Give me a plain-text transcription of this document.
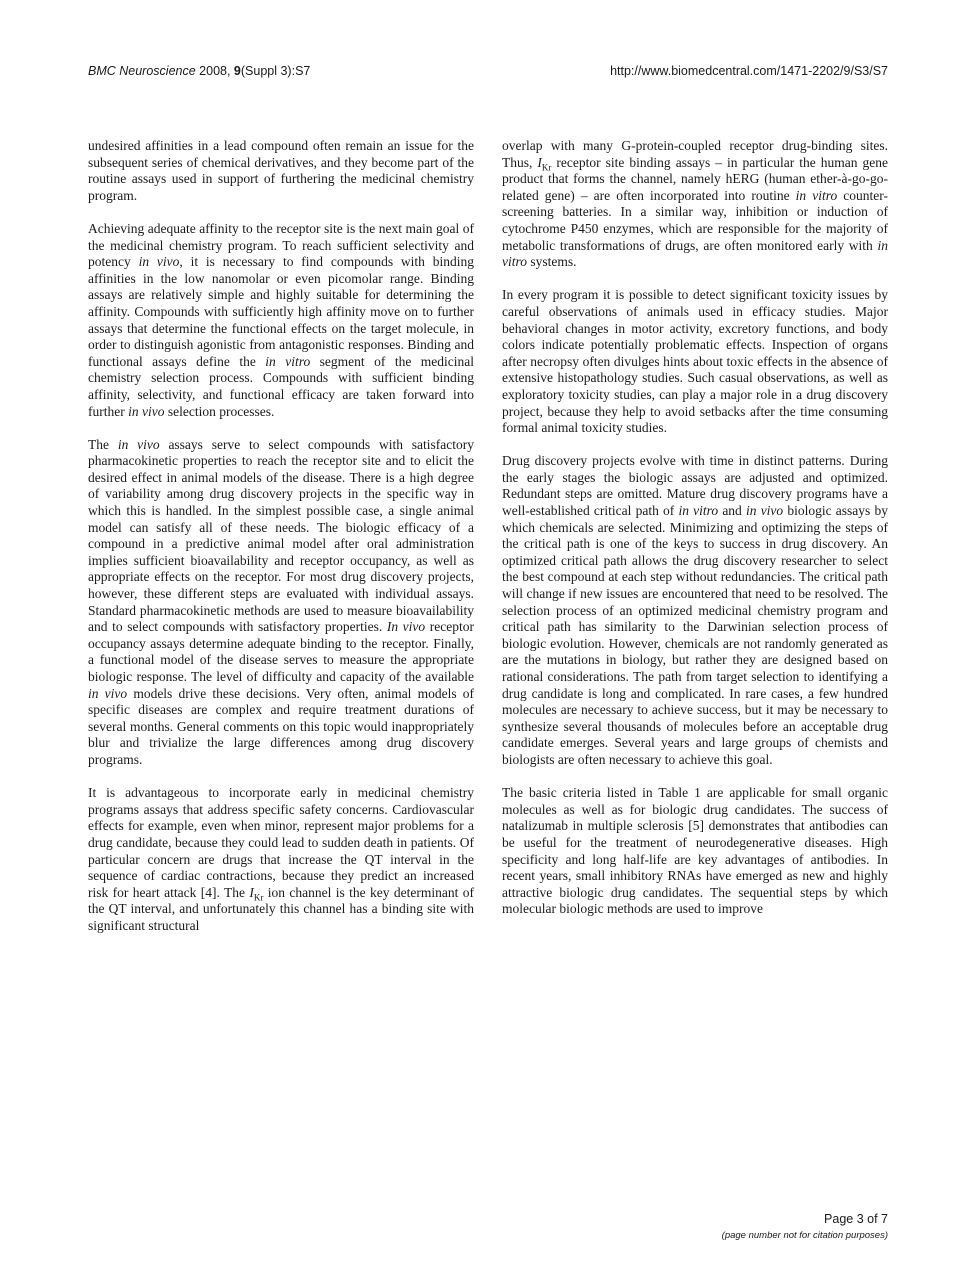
BMC Neuroscience 2008, 9(Suppl 3):S7	http://www.biomedcentral.com/1471-2202/9/S3/S7

undesired affinities in a lead compound often remain an issue for the subsequent series of chemical derivatives, and they become part of the routine assays used in support of furthering the medicinal chemistry program.

Achieving adequate affinity to the receptor site is the next main goal of the medicinal chemistry program. To reach sufficient selectivity and potency in vivo, it is necessary to find compounds with binding affinities in the low nanomolar or even picomolar range. Binding assays are relatively simple and highly suitable for determining the affinity. Compounds with sufficiently high affinity move on to further assays that determine the functional effects on the target molecule, in order to distinguish agonistic from antagonistic responses. Binding and functional assays define the in vitro segment of the medicinal chemistry selection process. Compounds with sufficient binding affinity, selectivity, and functional efficacy are taken forward into further in vivo selection processes.

The in vivo assays serve to select compounds with satisfactory pharmacokinetic properties to reach the receptor site and to elicit the desired effect in animal models of the disease. There is a high degree of variability among drug discovery projects in the specific way in which this is handled. In the simplest possible case, a single animal model can satisfy all of these needs. The biologic efficacy of a compound in a predictive animal model after oral administration implies sufficient bioavailability and receptor occupancy, as well as appropriate effects on the receptor. For most drug discovery projects, however, these different steps are evaluated with individual assays. Standard pharmacokinetic methods are used to measure bioavailability and to select compounds with satisfactory properties. In vivo receptor occupancy assays determine adequate binding to the receptor. Finally, a functional model of the disease serves to measure the appropriate biologic response. The level of difficulty and capacity of the available in vivo models drive these decisions. Very often, animal models of specific diseases are complex and require treatment durations of several months. General comments on this topic would inappropriately blur and trivialize the large differences among drug discovery programs.

It is advantageous to incorporate early in medicinal chemistry programs assays that address specific safety concerns. Cardiovascular effects for example, even when minor, represent major problems for a drug candidate, because they could lead to sudden death in patients. Of particular concern are drugs that increase the QT interval in the sequence of cardiac contractions, because they predict an increased risk for heart attack [4]. The $I_{Kr}$ ion channel is the key determinant of the QT interval, and unfortunately this channel has a binding site with significant structural

overlap with many G-protein-coupled receptor drug-binding sites. Thus, $I_{Kr}$ receptor site binding assays – in particular the human gene product that forms the channel, namely hERG (human ether-à-go-go-related gene) – are often incorporated into routine in vitro counter-screening batteries. In a similar way, inhibition or induction of cytochrome P450 enzymes, which are responsible for the majority of metabolic transformations of drugs, are often monitored early with in vitro systems.

In every program it is possible to detect significant toxicity issues by careful observations of animals used in efficacy studies. Major behavioral changes in motor activity, excretory functions, and body colors indicate potentially problematic effects. Inspection of organs after necropsy often divulges hints about toxic effects in the absence of extensive histopathology studies. Such casual observations, as well as exploratory toxicity studies, can play a major role in a drug discovery project, because they help to avoid setbacks after the time consuming formal animal toxicity studies.

Drug discovery projects evolve with time in distinct patterns. During the early stages the biologic assays are adjusted and optimized. Redundant steps are omitted. Mature drug discovery programs have a well-established critical path of in vitro and in vivo biologic assays by which chemicals are selected. Minimizing and optimizing the steps of the critical path is one of the keys to success in drug discovery. An optimized critical path allows the drug discovery researcher to select the best compound at each step without redundancies. The critical path will change if new issues are encountered that need to be resolved. The selection process of an optimized medicinal chemistry program and critical path has similarity to the Darwinian selection process of biologic evolution. However, chemicals are not randomly generated as are the mutations in biology, but rather they are designed based on rational considerations. The path from target selection to identifying a drug candidate is long and complicated. In rare cases, a few hundred molecules are necessary to achieve success, but it may be necessary to synthesize several thousands of molecules before an acceptable drug candidate emerges. Several years and large groups of chemists and biologists are often necessary to achieve this goal.

The basic criteria listed in Table 1 are applicable for small organic molecules as well as for biologic drug candidates. The success of natalizumab in multiple sclerosis [5] demonstrates that antibodies can be useful for the treatment of neurodegenerative diseases. High specificity and long half-life are key advantages of antibodies. In recent years, small inhibitory RNAs have emerged as new and highly attractive biologic drug candidates. The sequential steps by which molecular biologic methods are used to improve

Page 3 of 7
(page number not for citation purposes)
